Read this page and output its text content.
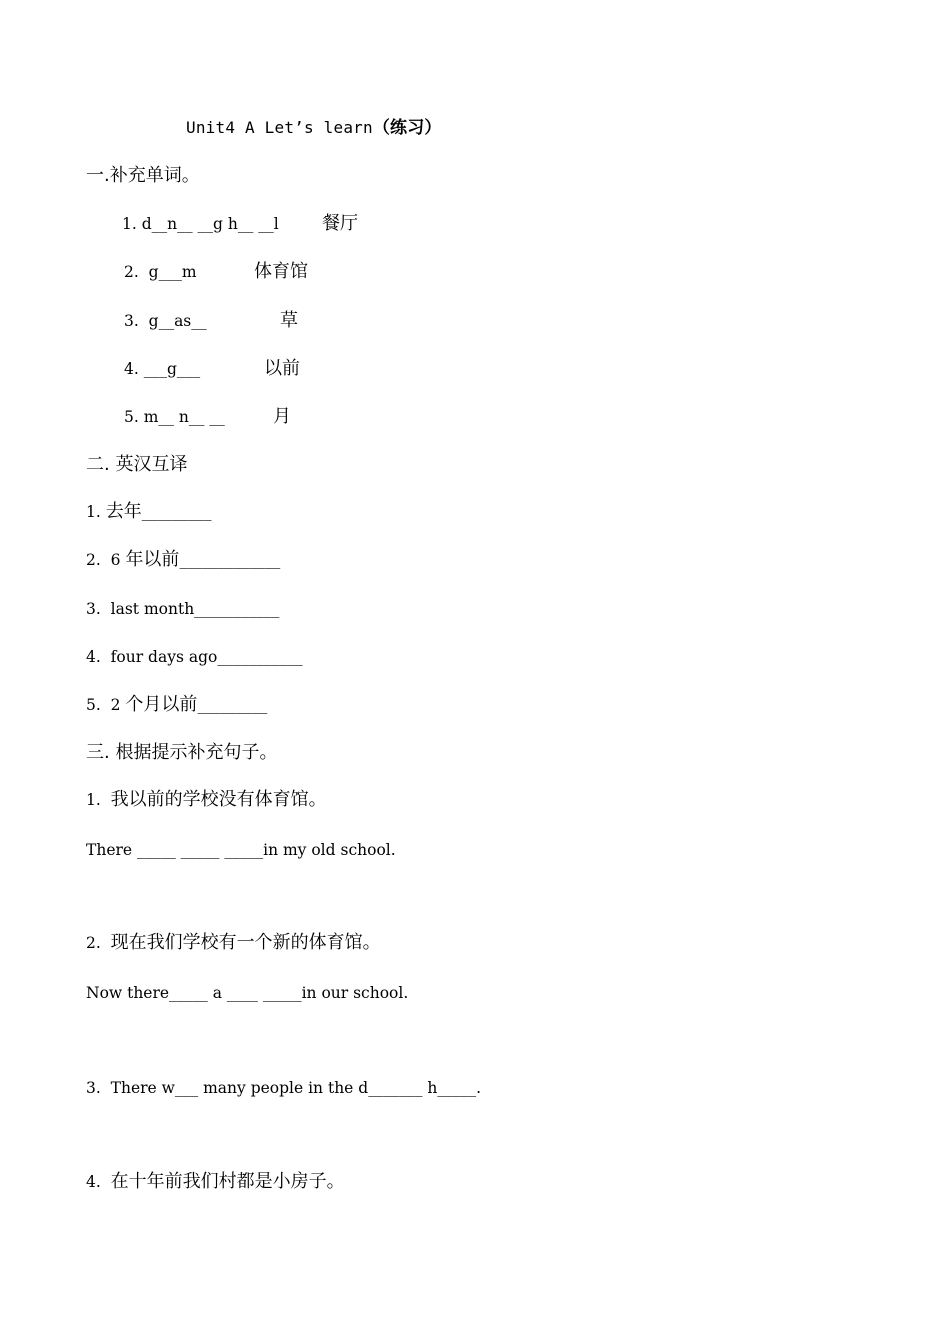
Unit4 A Let’s learn（练习）
一.补充单词。
1. d__n__ __g h__ __l 餐厅
2.  g___m	体育馆
3.  g__as__	草
4. ___g___	以前
5. m__ n__ __	月
二. 英汉互译
1. 去年_________
2.  6 年以前_____________
3.  last month___________
4.  four days ago___________
5.  2 个月以前_________
三. 根据提示补充句子。
1.  我以前的学校没有体育馆。
There _____ _____ _____in my old school.
2.  现在我们学校有一个新的体育馆。
Now there_____ a ____ _____in our school.
3.  There w___ many people in the d_______ h_____.
4.  在十年前我们村都是小房子。
